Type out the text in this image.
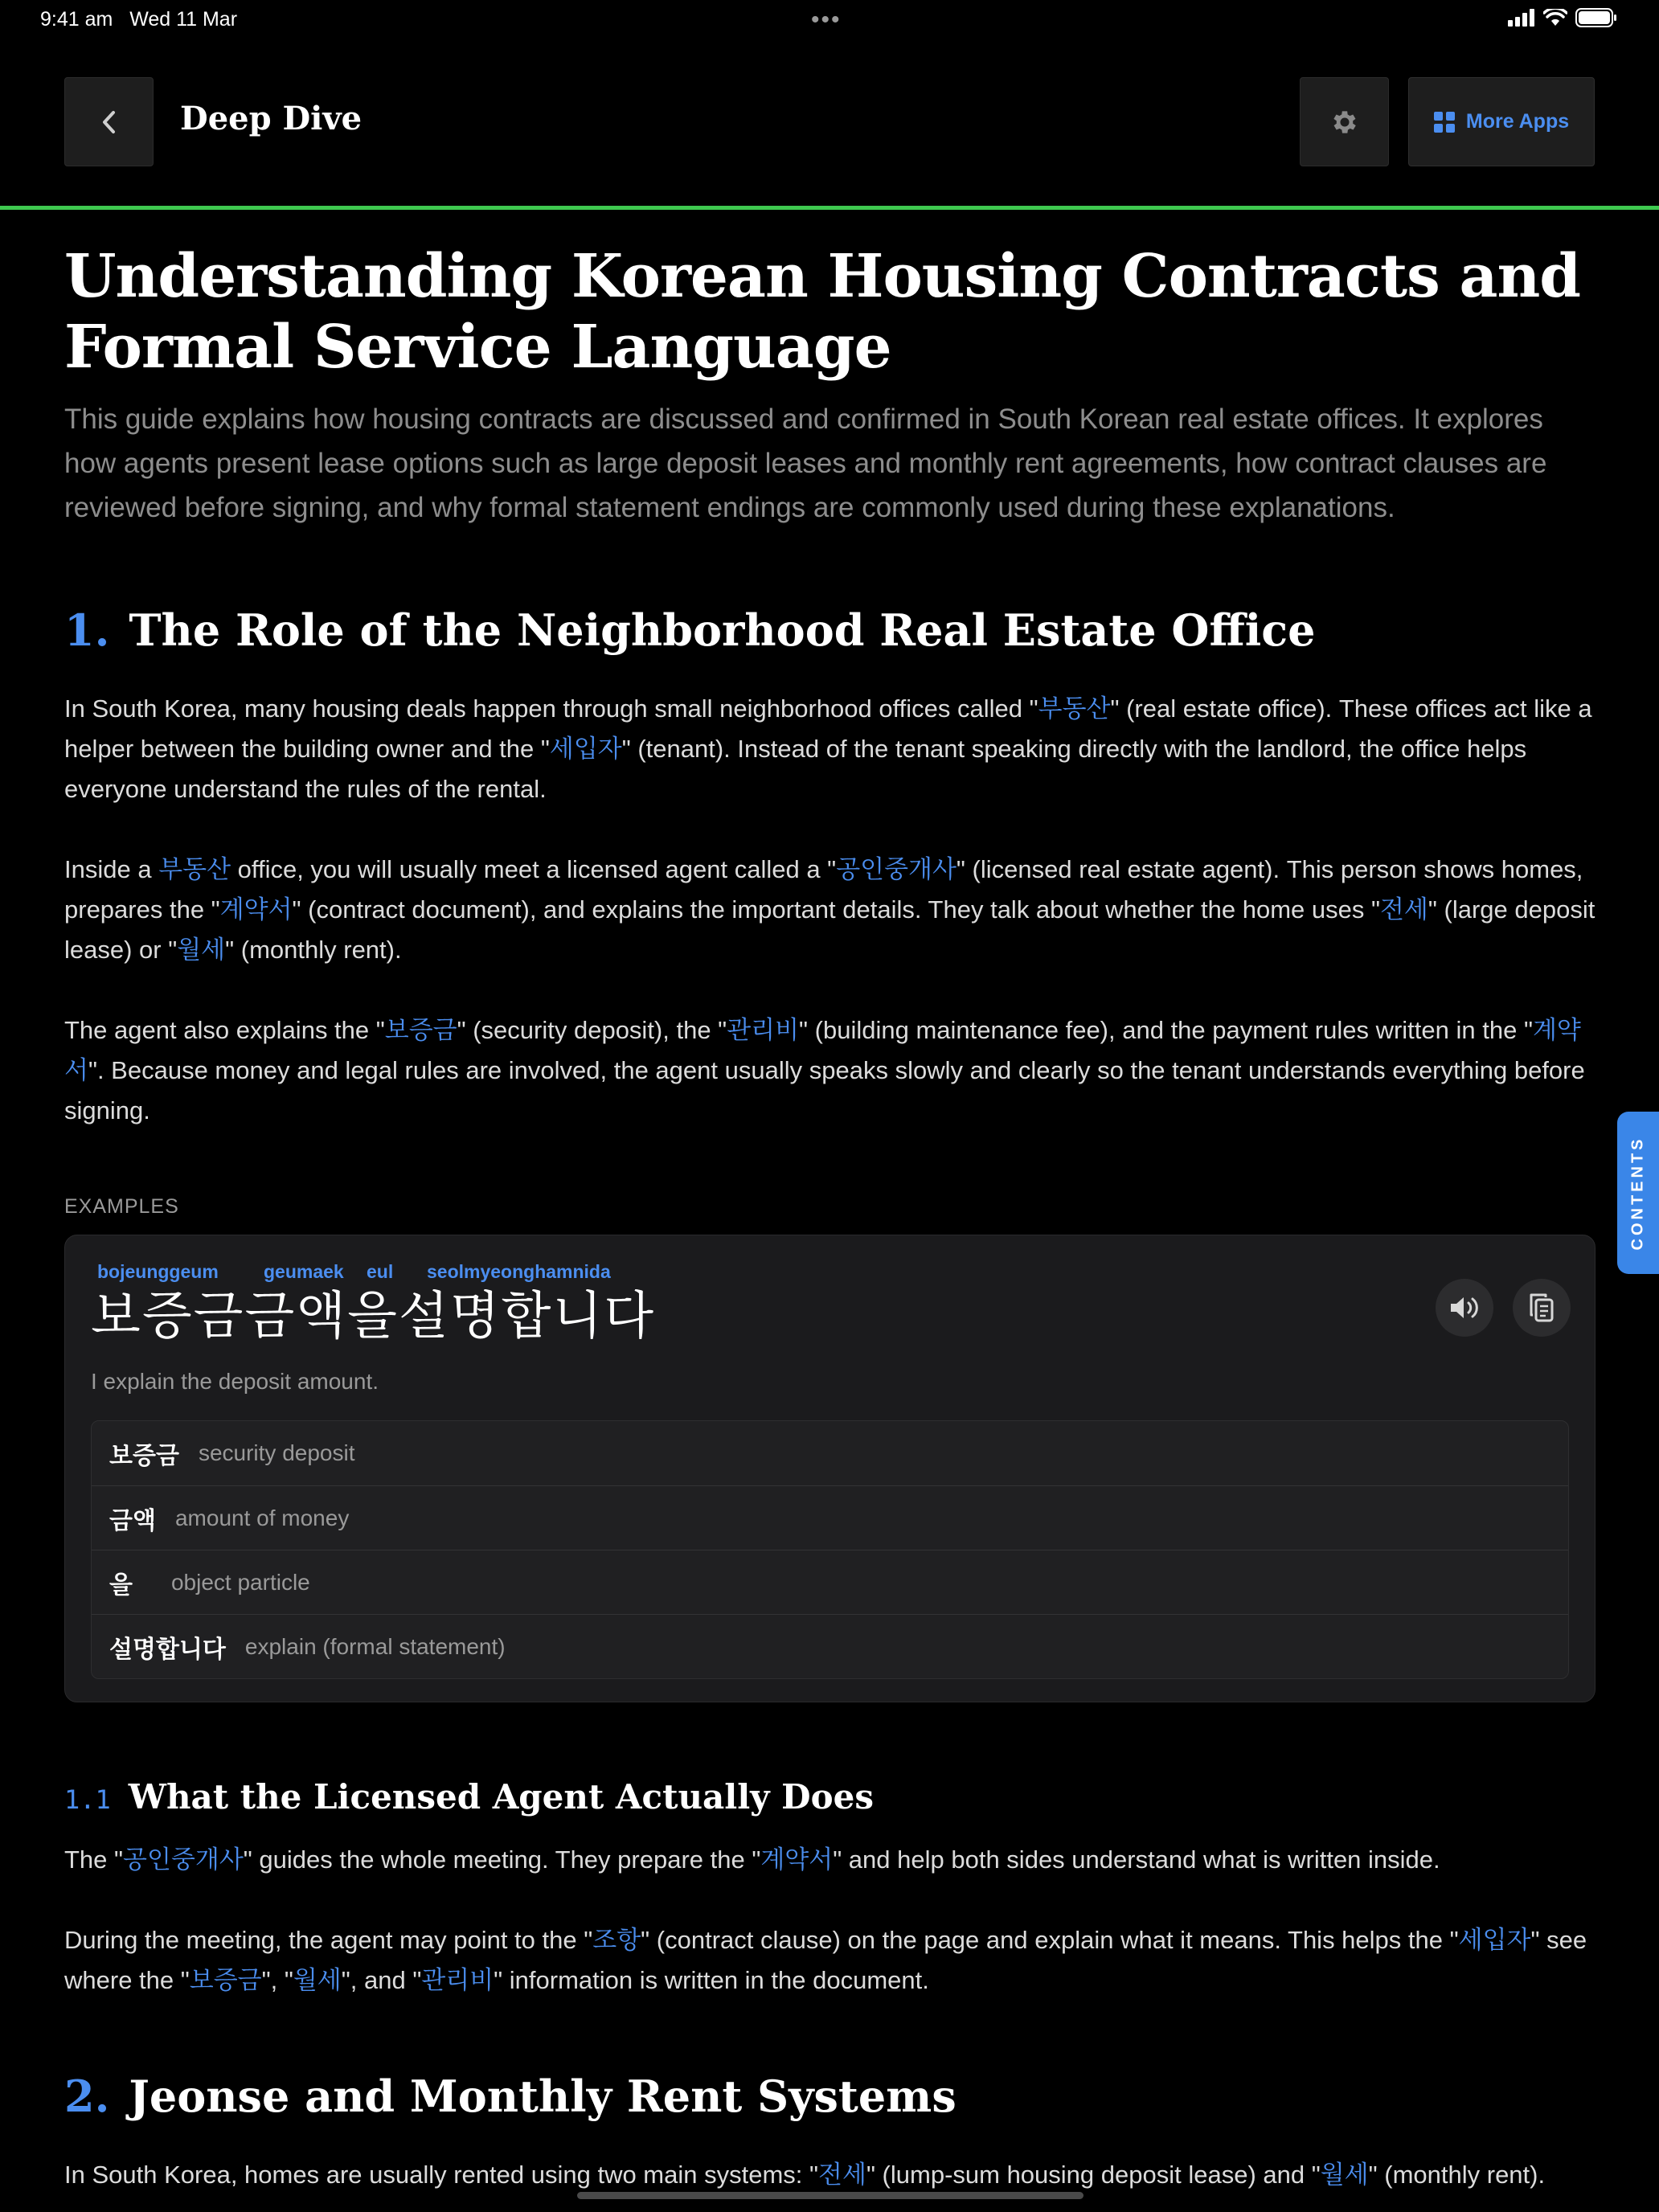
9:41 am Wed 11 Mar	•••
Deep Dive	More Apps
Understanding Korean Housing Contracts and Formal Service Language

This guide explains how housing contracts are discussed and confirmed in South Korean real estate offices. It explores how agents present lease options such as large deposit leases and monthly rent agreements, how contract clauses are reviewed before signing, and why formal statement endings are commonly used during these explanations.

1. The Role of the Neighborhood Real Estate Office

In South Korea, many housing deals happen through small neighborhood offices called "부동산" (real estate office). These offices act like a helper between the building owner and the "세입자" (tenant). Instead of the tenant speaking directly with the landlord, the office helps everyone understand the rules of the rental.

Inside a 부동산 office, you will usually meet a licensed agent called a "공인중개사" (licensed real estate agent). This person shows homes, prepares the "계약서" (contract document), and explains the important details. They talk about whether the home uses "전세" (large deposit lease) or "월세" (monthly rent).

The agent also explains the "보증금" (security deposit), the "관리비" (building maintenance fee), and the payment rules written in the "계약서". Because money and legal rules are involved, the agent usually speaks slowly and clearly so the tenant understands everything before signing.

EXAMPLES
bojeunggeum geumaek eul seolmyeonghamnida
보증금금액을설명합니다
I explain the deposit amount.
보증금 security deposit
금액 amount of money
을 object particle
설명합니다 explain (formal statement)
1.1 What the Licensed Agent Actually Does

The "공인중개사" guides the whole meeting. They prepare the "계약서" and help both sides understand what is written inside.

During the meeting, the agent may point to the "조항" (contract clause) on the page and explain what it means. This helps the "세입자" see where the "보증금", "월세", and "관리비" information is written in the document.

2. Jeonse and Monthly Rent Systems

In South Korea, homes are usually rented using two main systems: "전세" (lump-sum housing deposit lease) and "월세" (monthly rent).

CONTENTS
